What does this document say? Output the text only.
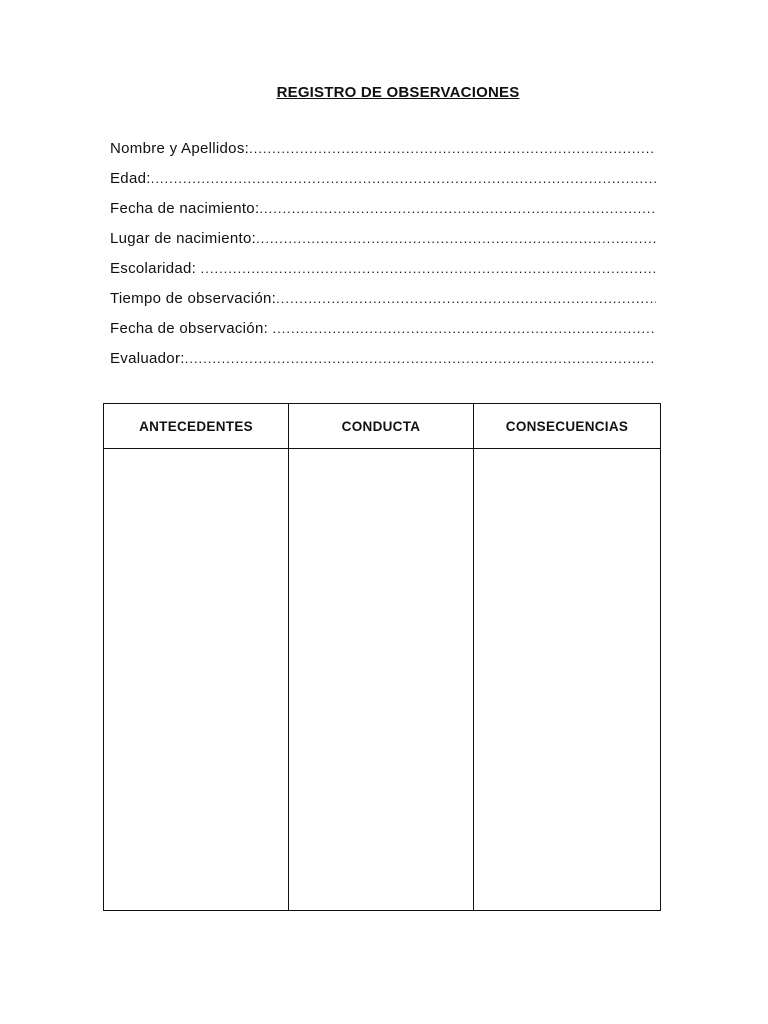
REGISTRO DE OBSERVACIONES
Nombre y Apellidos:
.....
Edad:
.....
Fecha de nacimiento:
.....
Lugar de nacimiento:
.....
Escolaridad:
.....
Tiempo de observación:
.....
Fecha de observación:
.....
Evaluador:
.....
ANTECEDENTES	CONDUCTA	CONSECUENCIAS
